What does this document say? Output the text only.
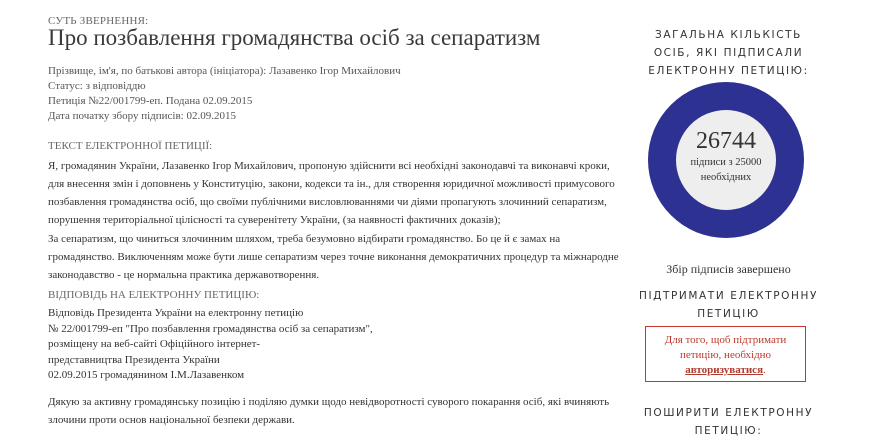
СУТЬ ЗВЕРНЕННЯ:
Про позбавлення громадянства осіб за сепаратизм
Прізвище, ім'я, по батькові автора (ініціатора): Лазавенко Ігор Михайлович
Статус: з відповіддю
Петиція №22/001799-еп. Подана 02.09.2015
Дата початку збору підписів: 02.09.2015
ТЕКСТ ЕЛЕКТРОННОЇ ПЕТИЦІЇ:

Я, громадянин України, Лазавенко Ігор Михайлович, пропоную здійснити всі необхідні законодавчі та виконавчі кроки, для внесення змін і доповнень у Конституцію, закони, кодекси та ін., для створення юридичної можливості примусового позбавлення громадянства осіб, що своїми публічними висловлюваннями чи діями пропагують злочинний сепаратизм, порушення територіальної цілісності та суверенітету України, (за наявності фактичних доказів);

За сепаратизм, що чиниться злочинним шляхом, треба безумовно відбирати громадянство. Бо це й є замах на громадянство. Виключенням може бути лише сепаратизм через точне виконання демократичних процедур та міжнародне законодавство - це нормальна практика державотворення.

ВІДПОВІДЬ НА ЕЛЕКТРОННУ ПЕТИЦІЮ:
Відповідь Президента України на електронну петицію
№ 22/001799-еп "Про позбавлення громадянства осіб за сепаратизм",
розміщену на веб-сайті Офіційного інтернет-
представництва Президента України
02.09.2015 громадянином І.М.Лазавенком

Дякую за активну громадянську позицію і поділяю думки щодо невідворотності суворого покарання осіб, які вчиняють злочини проти основ національної безпеки держави.

ЗАГАЛЬНА КІЛЬКІСТЬ ОСІБ, ЯКІ ПІДПИСАЛИ ЕЛЕКТРОННУ ПЕТИЦІЮ:
26744
підписи з 25000 необхідних
Збір підписів завершено
ПІДТРИМАТИ ЕЛЕКТРОННУ ПЕТИЦІЮ
Для того, щоб підтримати петицію, необхідно авторизуватися.
ПОШИРИТИ ЕЛЕКТРОННУ ПЕТИЦІЮ:
